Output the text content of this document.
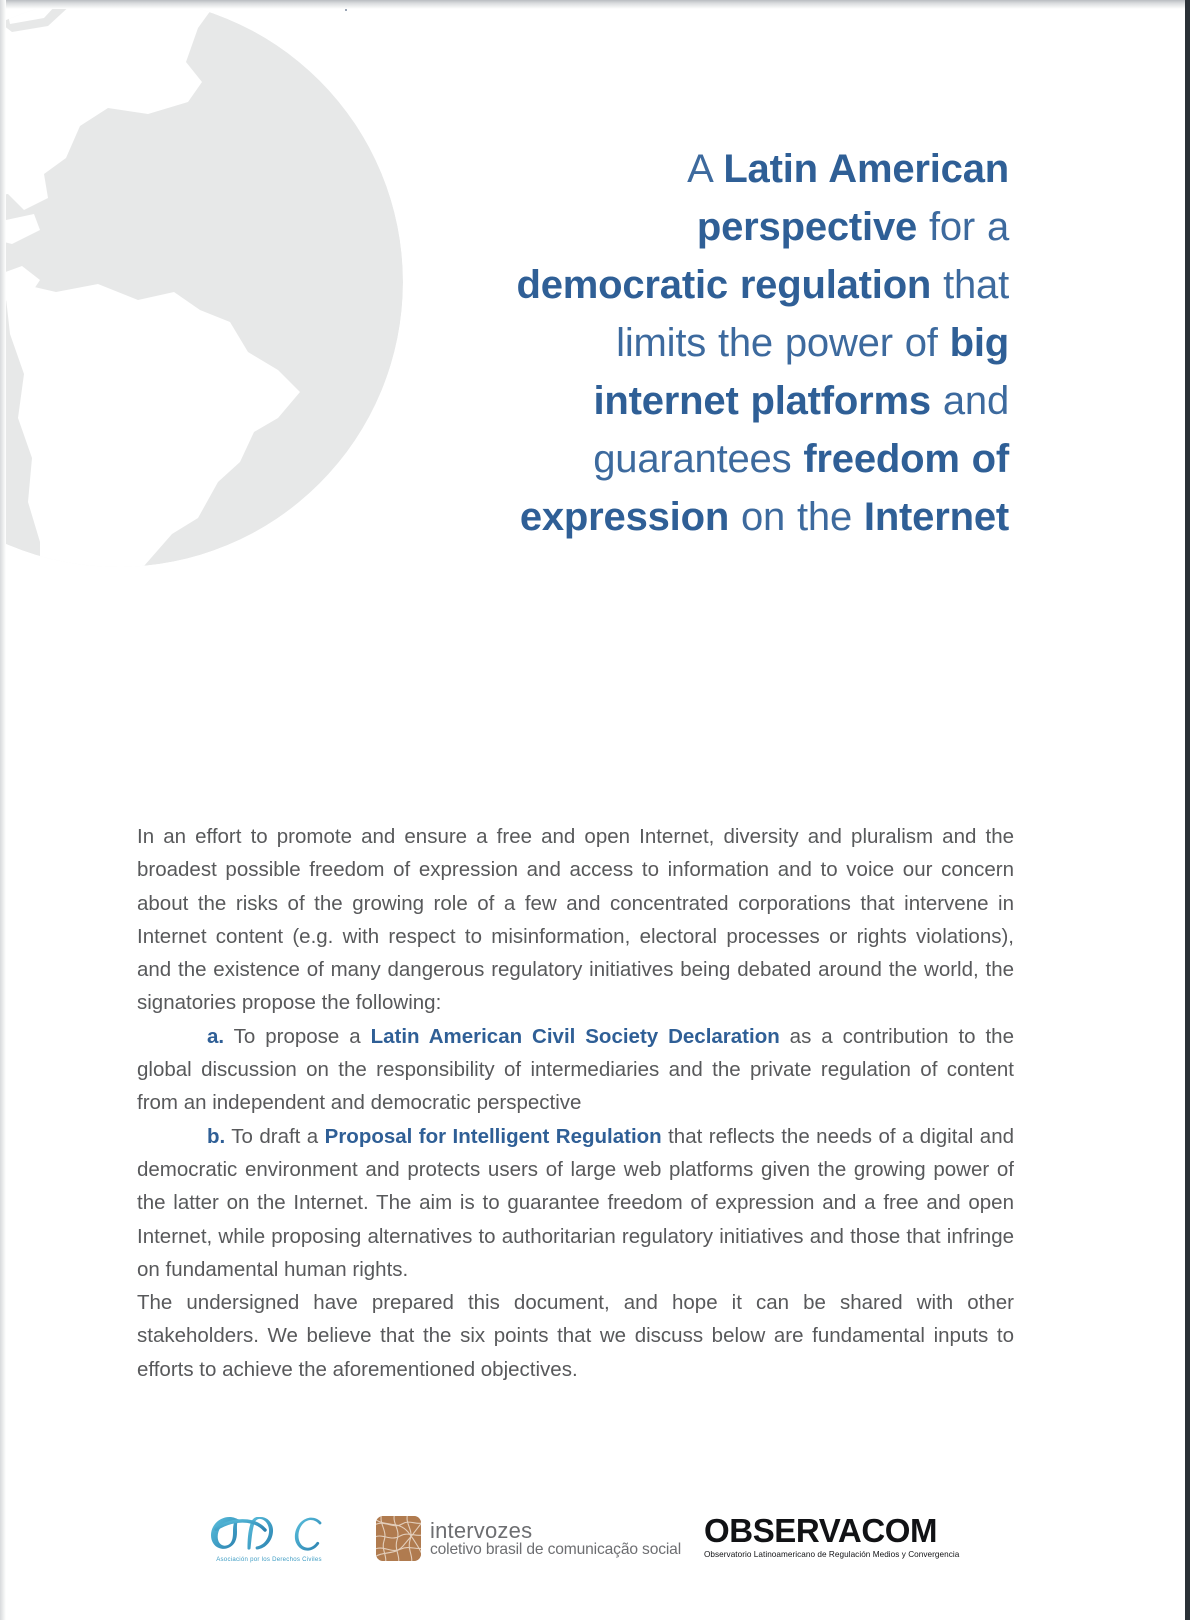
A Latin American perspective for a democratic regulation that limits the power of big internet platforms and guarantees freedom of expression on the Internet

In an effort to promote and ensure a free and open Internet, diversity and pluralism and the broadest possible freedom of expression and access to information and to voice our concern about the risks of the growing role of a few and concentrated corporations that intervene in Internet content (e.g. with respect to misinformation, electoral processes or rights violations), and the existence of many dangerous regulatory initiatives being debated around the world, the signatories propose the following:

a. To propose a Latin American Civil Society Declaration as a contribution to the global discussion on the responsibility of intermediaries and the private regulation of content from an independent and democratic perspective

b. To draft a Proposal for Intelligent Regulation that reflects the needs of a digital and democratic environment and protects users of large web platforms given the growing power of the latter on the Internet. The aim is to guarantee freedom of expression and a free and open Internet, while proposing alternatives to authoritarian regulatory initiatives and those that infringe on fundamental human rights.

The undersigned have prepared this document, and hope it can be shared with other stakeholders. We believe that the six points that we discuss below are fundamental inputs to efforts to achieve the aforementioned objectives.

Asociación por los Derechos Civiles
intervozes
coletivo brasil de comunicação social
OBSERVACOM
Observatorio Latinoamericano de Regulación Medios y Convergencia
